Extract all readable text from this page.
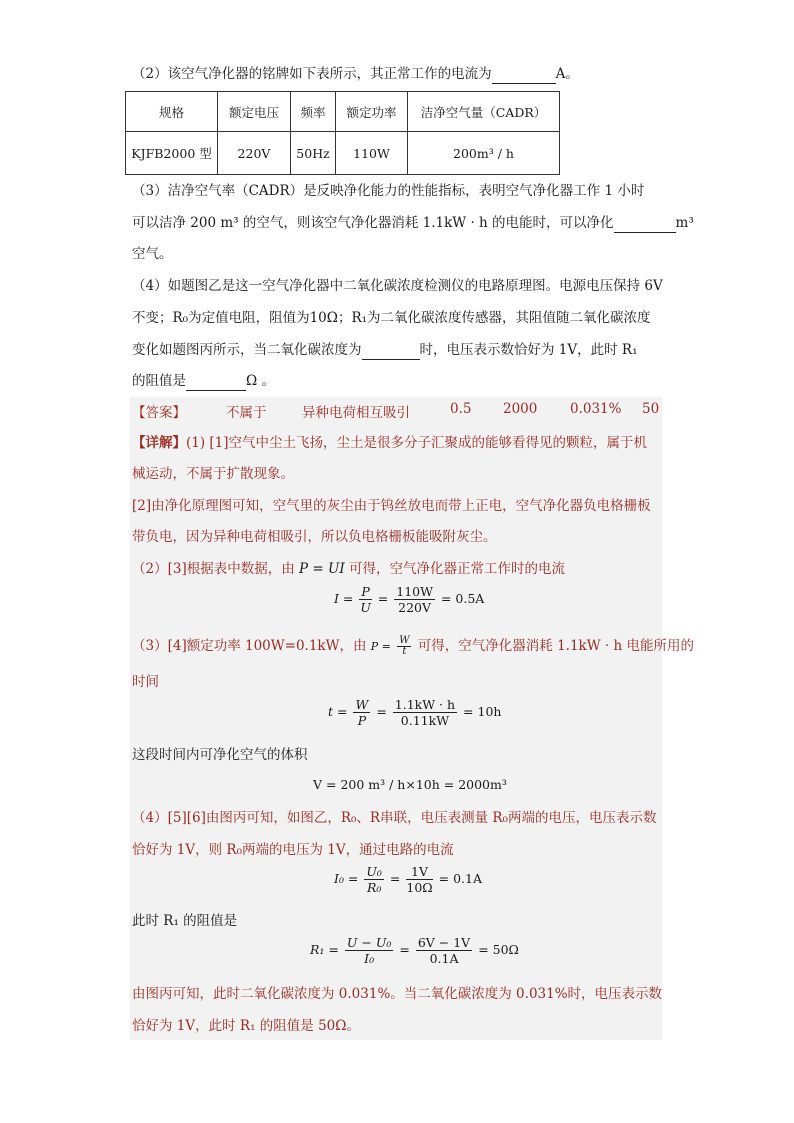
（2）该空气净化器的铭牌如下表所示，其正常工作的电流为	A。
规格	额定电压	频率	额定功率	洁净空气量（CADR）
KJFB2000 型	220V	50Hz	110W	200m³ / h
（3）洁净空气率（CADR）是反映净化能力的性能指标，表明空气净化器工作 1 小时
可以洁净 200 m³ 的空气，则该空气净化器消耗 1.1kW · h 的电能时，可以净化	m³
空气。
（4）如题图乙是这一空气净化器中二氧化碳浓度检测仪的电路原理图。电源电压保持 6V
不变；R₀为定值电阻，阻值为10Ω；R₁为二氧化碳浓度传感器，其阻值随二氧化碳浓度
变化如题图丙所示，当二氧化碳浓度为	时，电压表示数恰好为 1V，此时 R₁
的阻值是	Ω 。
【答案】	不属于	异种电荷相互吸引	0.5 2000 0.031% 50
【详解】(1) [1]空气中尘土飞扬，尘土是很多分子汇聚成的能够看得见的颗粒，属于机
械运动，不属于扩散现象。
[2]由净化原理图可知，空气里的灰尘由于钨丝放电而带上正电，空气净化器负电格栅板
带负电，因为异种电荷相吸引，所以负电格栅板能吸附灰尘。
（2）[3]根据表中数据，由 P = UI 可得，空气净化器正常工作时的电流
$I = \frac{P}{U} = \frac{110W}{220V} = 0.5A$
（3）[4]额定功率 100W=0.1kW，由 $P = \frac{W}{t}$ 可得，空气净化器消耗 1.1kW · h 电能所用的
时间
$t = \frac{W}{P} = \frac{1.1kW \cdot h}{0.11kW} = 10h$
这段时间内可净化空气的体积
V = 200 m³ / h×10h = 2000m³
（4）[5][6]由图丙可知，如图乙，R₀、R串联，电压表测量 R₀两端的电压，电压表示数
恰好为 1V，则 R₀两端的电压为 1V，通过电路的电流
$I_0 = \frac{\text{U₀}}{\text{R₀}} = \frac{1V}{10\Omega} = 0.1A$
此时 R₁ 的阻值是
$R_1 = \frac{\text{U − U₀}}{\text{I₀}} = \frac{6V - 1V}{0.1A} = 50\Omega$
由图丙可知，此时二氧化碳浓度为 0.031%。当二氧化碳浓度为 0.031%时，电压表示数
恰好为 1V，此时 R₁ 的阻值是 50Ω。
